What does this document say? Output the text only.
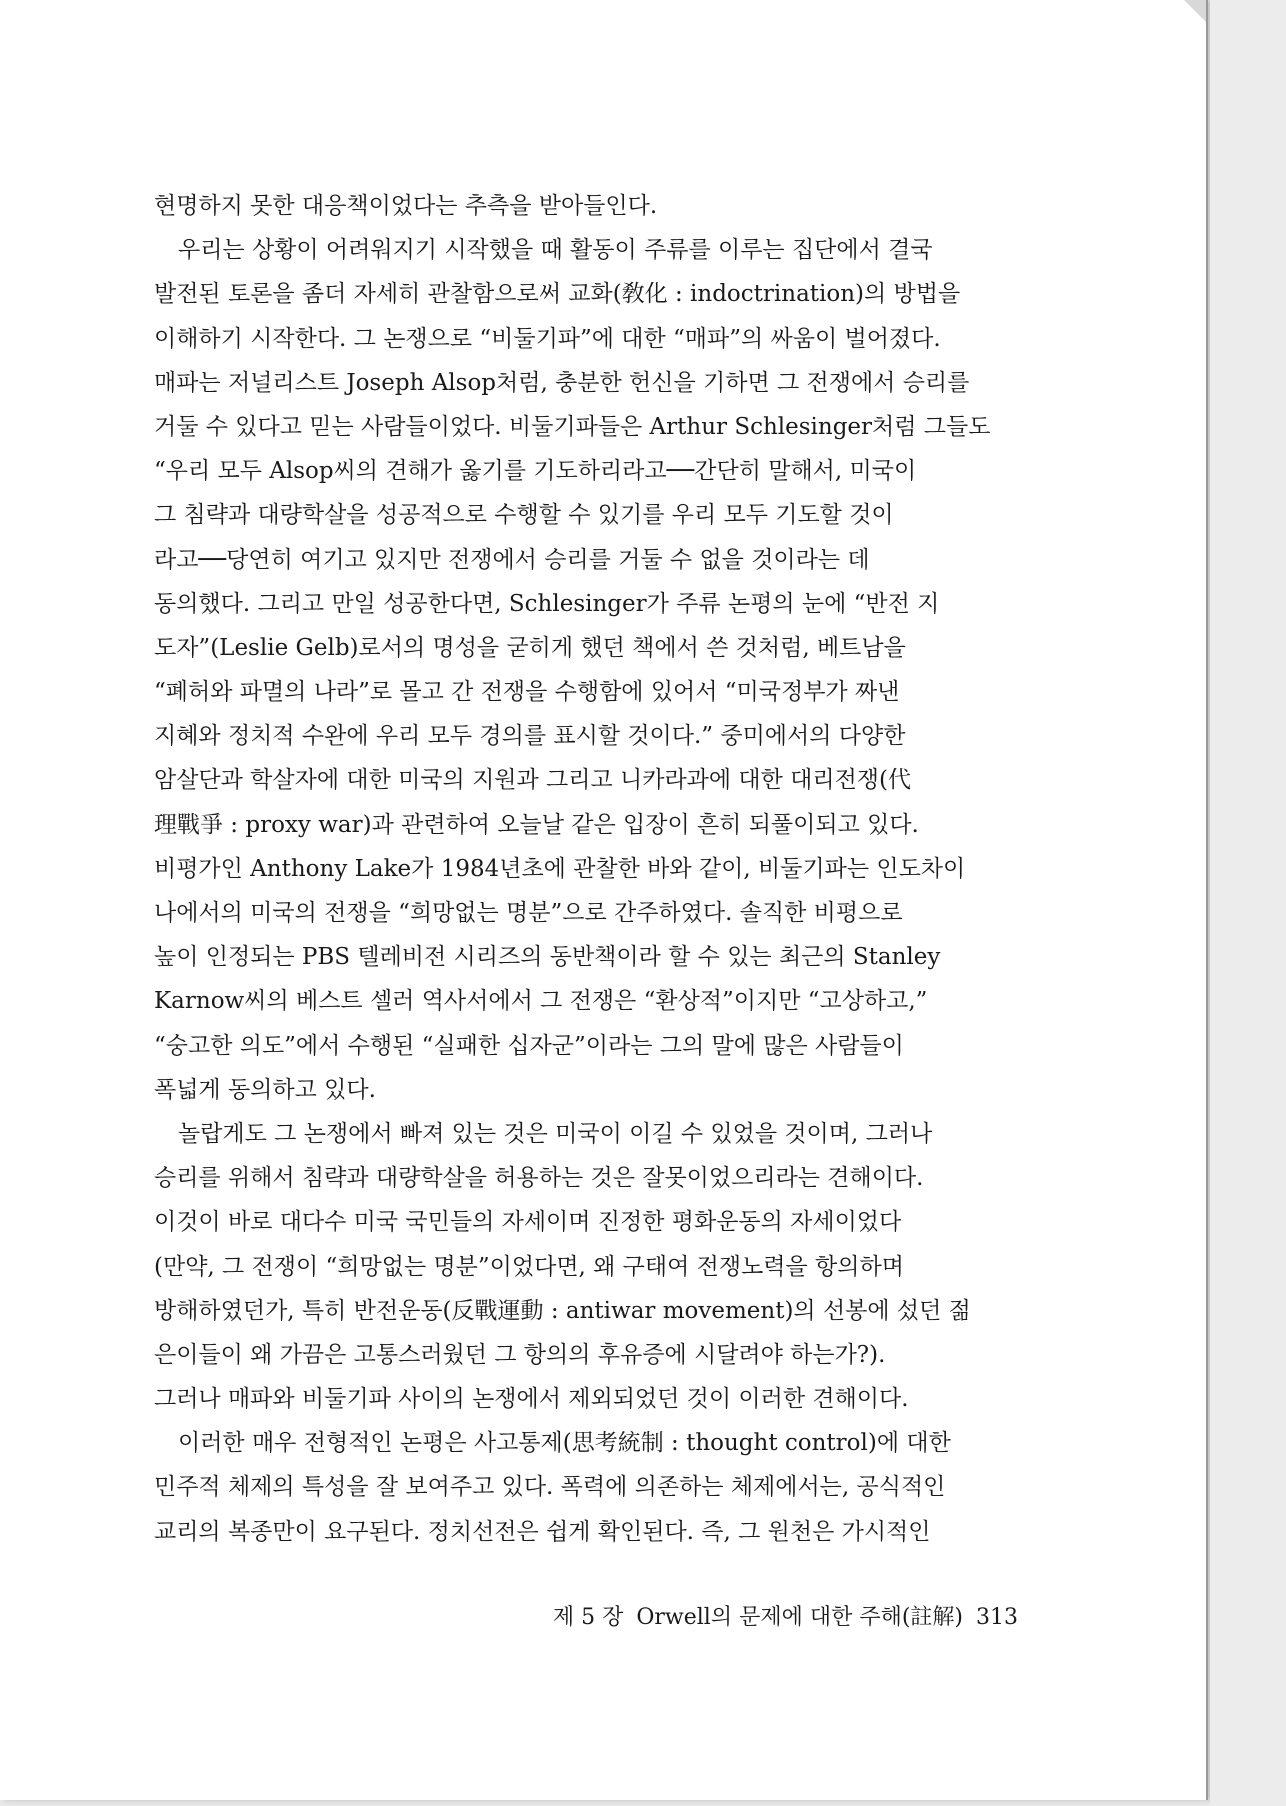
현명하지 못한 대응책이었다는 추측을 받아들인다.
우리는 상황이 어려워지기 시작했을 때 활동이 주류를 이루는 집단에서 결국
발전된 토론을 좀더 자세히 관찰함으로써 교화(敎化 : indoctrination)의 방법을
이해하기 시작한다. 그 논쟁으로 “비둘기파”에 대한 “매파”의 싸움이 벌어졌다.
매파는 저널리스트 Joseph Alsop처럼, 충분한 헌신을 기하면 그 전쟁에서 승리를
거둘 수 있다고 믿는 사람들이었다. 비둘기파들은 Arthur Schlesinger처럼 그들도
“우리 모두 Alsop씨의 견해가 옳기를 기도하리라고──간단히 말해서, 미국이
그 침략과 대량학살을 성공적으로 수행할 수 있기를 우리 모두 기도할 것이
라고──당연히 여기고 있지만 전쟁에서 승리를 거둘 수 없을 것이라는 데
동의했다. 그리고 만일 성공한다면, Schlesinger가 주류 논평의 눈에 “반전 지
도자”(Leslie Gelb)로서의 명성을 굳히게 했던 책에서 쓴 것처럼, 베트남을
“폐허와 파멸의 나라”로 몰고 간 전쟁을 수행함에 있어서 “미국정부가 짜낸
지혜와 정치적 수완에 우리 모두 경의를 표시할 것이다.” 중미에서의 다양한
암살단과 학살자에 대한 미국의 지원과 그리고 니카라과에 대한 대리전쟁(代
理戰爭 : proxy war)과 관련하여 오늘날 같은 입장이 흔히 되풀이되고 있다.
비평가인 Anthony Lake가 1984년초에 관찰한 바와 같이, 비둘기파는 인도차이
나에서의 미국의 전쟁을 “희망없는 명분”으로 간주하였다. 솔직한 비평으로
높이 인정되는 PBS 텔레비전 시리즈의 동반책이라 할 수 있는 최근의 Stanley
Karnow씨의 베스트 셀러 역사서에서 그 전쟁은 “환상적”이지만 “고상하고,”
“숭고한 의도”에서 수행된 “실패한 십자군”이라는 그의 말에 많은 사람들이
폭넓게 동의하고 있다.
놀랍게도 그 논쟁에서 빠져 있는 것은 미국이 이길 수 있었을 것이며, 그러나
승리를 위해서 침략과 대량학살을 허용하는 것은 잘못이었으리라는 견해이다.
이것이 바로 대다수 미국 국민들의 자세이며 진정한 평화운동의 자세이었다
(만약, 그 전쟁이 “희망없는 명분”이었다면, 왜 구태여 전쟁노력을 항의하며
방해하였던가, 특히 반전운동(反戰運動 : antiwar movement)의 선봉에 섰던 젊
은이들이 왜 가끔은 고통스러웠던 그 항의의 후유증에 시달려야 하는가?).
그러나 매파와 비둘기파 사이의 논쟁에서 제외되었던 것이 이러한 견해이다.
이러한 매우 전형적인 논평은 사고통제(思考統制 : thought control)에 대한
민주적 체제의 특성을 잘 보여주고 있다. 폭력에 의존하는 체제에서는, 공식적인
교리의 복종만이 요구된다. 정치선전은 쉽게 확인된다. 즉, 그 원천은 가시적인
제 5 장 Orwell의 문제에 대한 주해(註解) 313
